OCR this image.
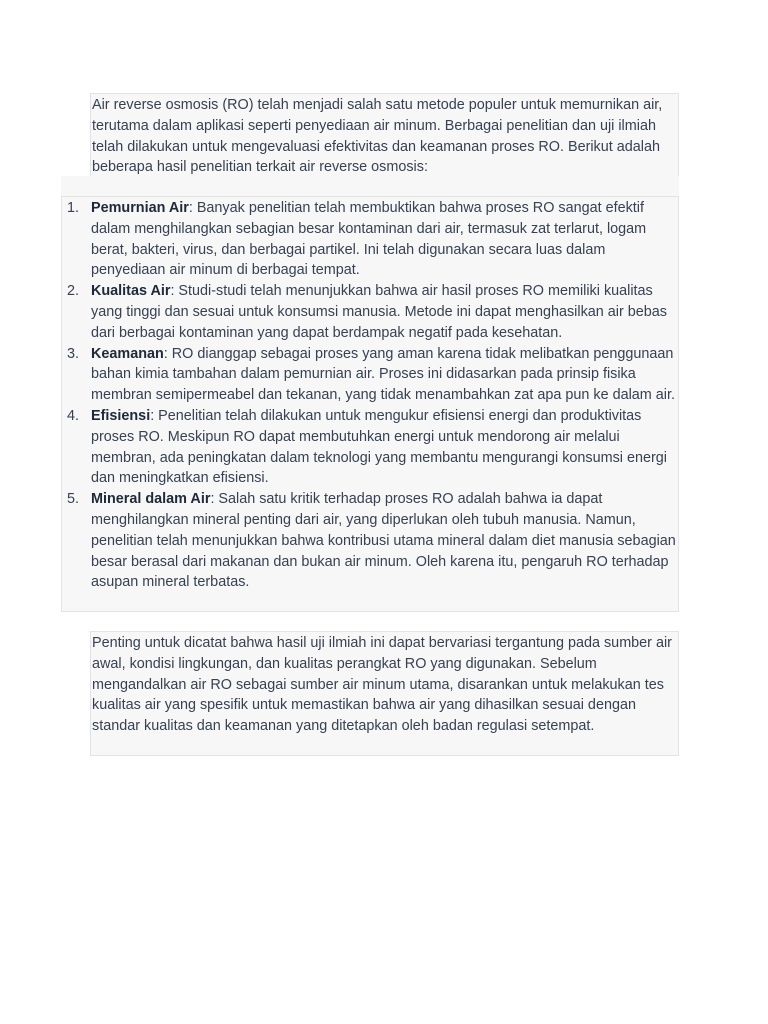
Air reverse osmosis (RO) telah menjadi salah satu metode populer untuk memurnikan air, terutama dalam aplikasi seperti penyediaan air minum. Berbagai penelitian dan uji ilmiah telah dilakukan untuk mengevaluasi efektivitas dan keamanan proses RO. Berikut adalah beberapa hasil penelitian terkait air reverse osmosis:

1. Pemurnian Air: Banyak penelitian telah membuktikan bahwa proses RO sangat efektif dalam menghilangkan sebagian besar kontaminan dari air, termasuk zat terlarut, logam berat, bakteri, virus, dan berbagai partikel. Ini telah digunakan secara luas dalam penyediaan air minum di berbagai tempat.
2. Kualitas Air: Studi-studi telah menunjukkan bahwa air hasil proses RO memiliki kualitas yang tinggi dan sesuai untuk konsumsi manusia. Metode ini dapat menghasilkan air bebas dari berbagai kontaminan yang dapat berdampak negatif pada kesehatan.
3. Keamanan: RO dianggap sebagai proses yang aman karena tidak melibatkan penggunaan bahan kimia tambahan dalam pemurnian air. Proses ini didasarkan pada prinsip fisika membran semipermeabel dan tekanan, yang tidak menambahkan zat apa pun ke dalam air.
4. Efisiensi: Penelitian telah dilakukan untuk mengukur efisiensi energi dan produktivitas proses RO. Meskipun RO dapat membutuhkan energi untuk mendorong air melalui membran, ada peningkatan dalam teknologi yang membantu mengurangi konsumsi energi dan meningkatkan efisiensi.
5. Mineral dalam Air: Salah satu kritik terhadap proses RO adalah bahwa ia dapat menghilangkan mineral penting dari air, yang diperlukan oleh tubuh manusia. Namun, penelitian telah menunjukkan bahwa kontribusi utama mineral dalam diet manusia sebagian besar berasal dari makanan dan bukan air minum. Oleh karena itu, pengaruh RO terhadap asupan mineral terbatas.

Penting untuk dicatat bahwa hasil uji ilmiah ini dapat bervariasi tergantung pada sumber air awal, kondisi lingkungan, dan kualitas perangkat RO yang digunakan. Sebelum mengandalkan air RO sebagai sumber air minum utama, disarankan untuk melakukan tes kualitas air yang spesifik untuk memastikan bahwa air yang dihasilkan sesuai dengan standar kualitas dan keamanan yang ditetapkan oleh badan regulasi setempat.
